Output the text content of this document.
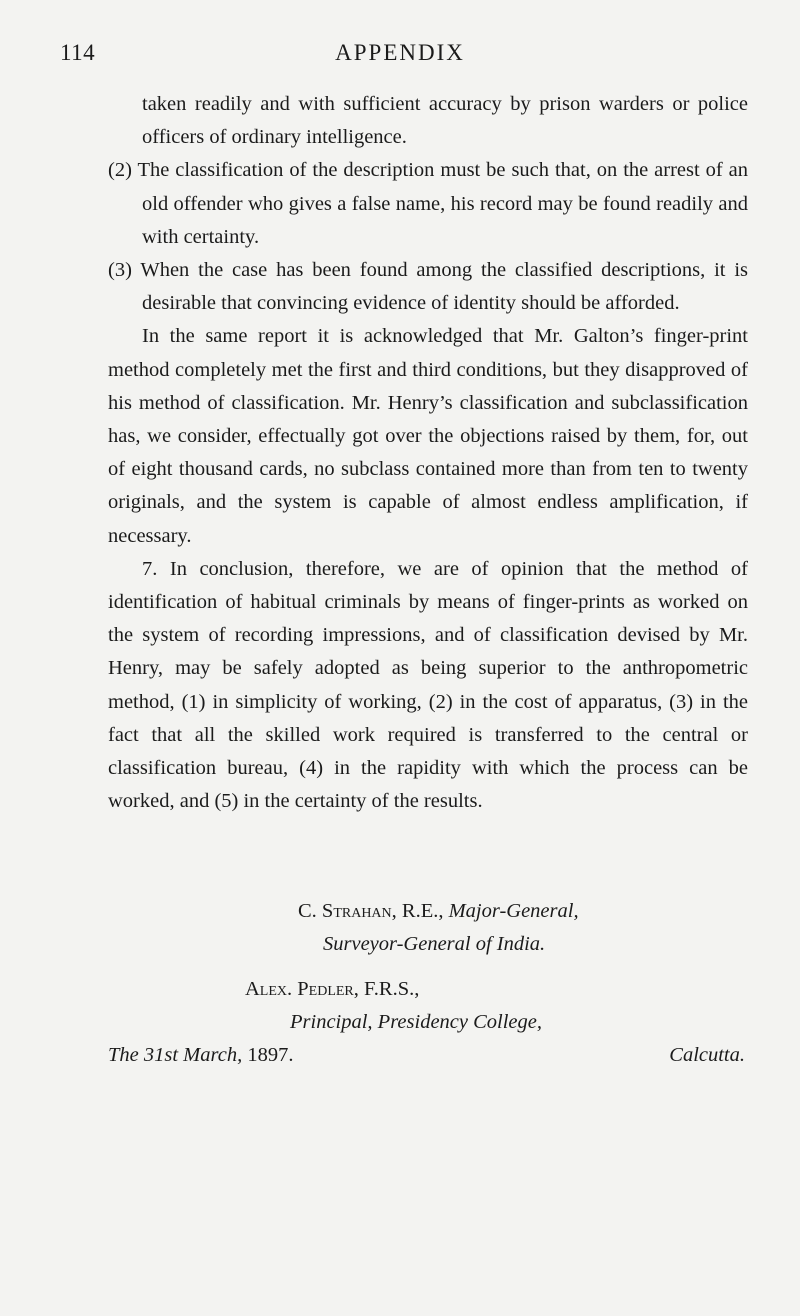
114	APPENDIX

taken readily and with sufficient accuracy by prison warders or police officers of ordinary intelligence.

(2) The classification of the description must be such that, on the arrest of an old offender who gives a false name, his record may be found readily and with certainty.

(3) When the case has been found among the classified descriptions, it is desirable that convincing evidence of identity should be afforded.

In the same report it is acknowledged that Mr. Galton’s finger-print method completely met the first and third conditions, but they disapproved of his method of classification. Mr. Henry’s classification and subclassification has, we consider, effectually got over the objections raised by them, for, out of eight thousand cards, no subclass contained more than from ten to twenty originals, and the system is capable of almost endless amplification, if necessary.

7. In conclusion, therefore, we are of opinion that the method of identification of habitual criminals by means of finger-prints as worked on the system of recording impressions, and of classification devised by Mr. Henry, may be safely adopted as being superior to the anthropometric method, (1) in simplicity of working, (2) in the cost of apparatus, (3) in the fact that all the skilled work required is transferred to the central or classification bureau, (4) in the rapidity with which the process can be worked, and (5) in the certainty of the results.

C. Strahan, R.E., Major-General,
Surveyor-General of India.
Alex. Pedler, F.R.S.,
Principal, Presidency College,
Calcutta.
The 31st March, 1897.
